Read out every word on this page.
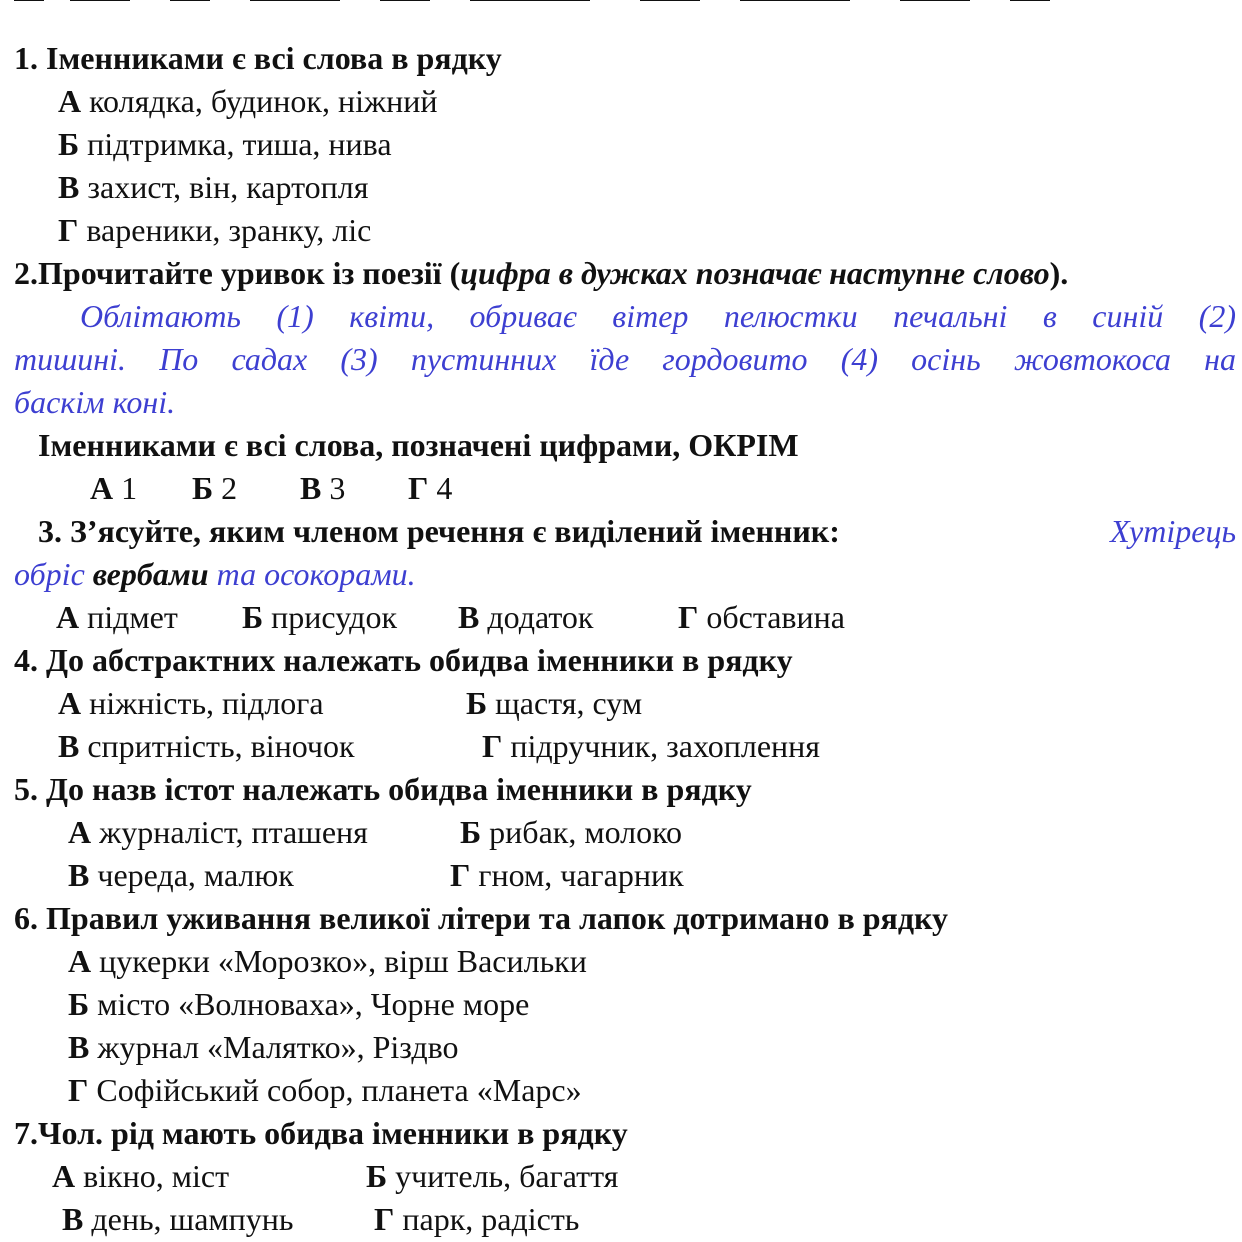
1. Іменниками є всі слова в рядку
А колядка, будинок, ніжний
Б підтримка, тиша, нива
В захист, він, картопля
Г вареники, зранку, ліс
2.Прочитайте уривок із поезії (цифра в дужках позначає наступне слово).
Облітають (1) квіти, обриває вітер пелюстки печальні в синій (2)
тишині. По садах (3) пустинних їде гордовито (4) осінь жовтокоса на
баскім коні.
Іменниками є всі слова, позначені цифрами, ОКРІМ
А 1 Б 2 В 3 Г 4
3. З’ясуйте, яким членом речення є виділений іменник:	Хутірець
обріс вербами та осокорами.
А підмет Б присудок В додаток	Г обставина
4. До абстрактних належать обидва іменники в рядку
А ніжність, підлога	Б щастя, сум
В спритність, віночок	Г підручник, захоплення
5. До назв істот належать обидва іменники в рядку
А журналіст, пташеня	Б рибак, молоко
В череда, малюк	Г гном, чагарник
6. Правил уживання великої літери та лапок дотримано в рядку
А цукерки «Морозко», вірш Васильки
Б місто «Волноваха», Чорне море
В журнал «Малятко», Різдво
Г Софійський собор, планета «Марс»
7.Чол. рід мають обидва іменники в рядку
А вікно, міст	Б учитель, багаття
В день, шампунь	Г парк, радість
